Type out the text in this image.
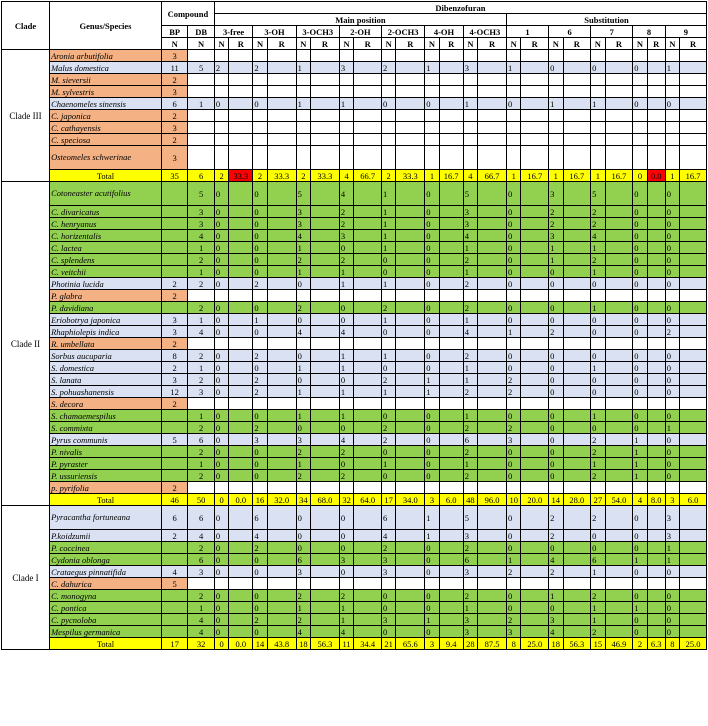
Clade	Genus/Species	Compound		Dibenzofuran																							
				Main position														Substitution									
		BP	DB	3-free		3-OH		3-OCH3		2-OH		2-OCH3		4-OH		4-OCH3		1		6		7		8		9	
		N	N	N	R	N	R	N	R	N	R	N	R	N	R	N	R	N	R	N	R	N	R	N	R	N	R
Clade III	Aronia arbutifolia	3																									
	Malus domestica	11	5	2		2		1		3		2		1		3		1		0		0		0		1	
	M. sieversii	2																									
	M. sylvestris	3																									
	Chaenomeles sinensis	6	1	0		0		1		1		0		0		1		0		1		1		0		0	
	C. japonica	2																									
	C. cathayensis	3																									
	C. speciosa	2																									
	Osteomeles schwerinae	3																									
	Total	35	6	2	33.3	2	33.3	2	33.3	4	66.7	2	33.3	1	16.7	4	66.7	1	16.7	1	16.7	1	16.7	0	0.0	1	16.7
Clade II	Cotoneaster acutifolius		5	0		0		5		4		1		0		5		0		3		5		0		0	
	C. divaricatus		3	0		0		3		2		1		0		3		0		2		2		0		0	
	C. henryanus		3	0		0		3		2		1		0		3		0		2		2		0		0	
	C. horizentalis		4	0		0		4		3		1		0		4		0		3		4		0		0	
	C. lactea		1	0		0		1		0		1		0		1		0		1		1		0		0	
	C. splendens		2	0		0		2		2		0		0		2		0		1		2		0		0	
	C. veitchii		1	0		0		1		1		0		0		1		0		0		1		0		0	
	Photinia lucida	2	2	0		2		0		1		1		0		2		0		0		0		0		0	
	P. glabra	2																									
	P. davidiana		2	0		0		2		0		2		0		2		0		0		1		0		0	
	Eriobotrya japonica	3	1	0		1		0		0		1		0		1		0		0		0		0		0	
	Rhaphiolepis indica	3	4	0		0		4		4		0		0		4		1		2		0		0		2	
	R. umbellata	2																									
	Sorbus aucuparia	8	2	0		2		0		1		1		0		2		0		0		0		0		0	
	S. domestica	2	1	0		0		1		1		0		0		1		0		0		1		0		0	
	S. lanata	3	2	0		2		0		0		2		1		1		2		0		0		0		0	
	S. pohuashanensis	12	3	0		2		1		1		1		1		2		2		0		0		0		0	
	S. decora	2																									
	S. chamaemespilus		1	0		0		1		1		0		0		1		0		0		1		0		0	
	S. commixta		2	0		2		0		0		2		0		2		2		0		0		0		1	
	Pyrus communis	5	6	0		3		3		4		2		0		6		3		0		2		1		0	
	P. nivalis		2	0		0		2		2		0		0		2		0		0		2		1		0	
	P. pyraster		1	0		0		1		0		1		0		1		0		0		1		1		0	
	P. ussuriensis		2	0		0		2		2		0		0		2		0		0		2		1		0	
	p. pyrifolia	2																									
	Total	46	50	0	0.0	16	32.0	34	68.0	32	64.0	17	34.0	3	6.0	48	96.0	10	20.0	14	28.0	27	54.0	4	8.0	3	6.0
Clade I	Pyracantha fortuneana	6	6	0		6		0		0		6		1		5		0		2		2		0		3	
	P.koidzumii	2	4	0		4		0		0		4		1		3		0		2		0		0		3	
	P. coccinea		2	0		2		0		0		2		0		2		0		0		0		0		1	
	Cydonia oblonga		6	0		0		6		3		3		0		6		1		4		6		1		1	
	Crataegus pinnatifida	4	3	0		0		3		0		3		0		3		2		2		1		0		0	
	C. dahurica	5																									
	C. monogyna		2	0		0		2		2		0		0		2		0		1		2		0		0	
	C. pontica		1	0		0		1		1		0		0		1		0		0		1		1		0	
	C. pycnoloba		4	0		2		2		1		3		1		3		2		3		1		0		0	
	Mespilus germanica		4	0		0		4		4		0		0		3		3		4		2		0		0	
	Total	17	32	0	0.0	14	43.8	18	56.3	11	34.4	21	65.6	3	9.4	28	87.5	8	25.0	18	56.3	15	46.9	2	6.3	8	25.0
